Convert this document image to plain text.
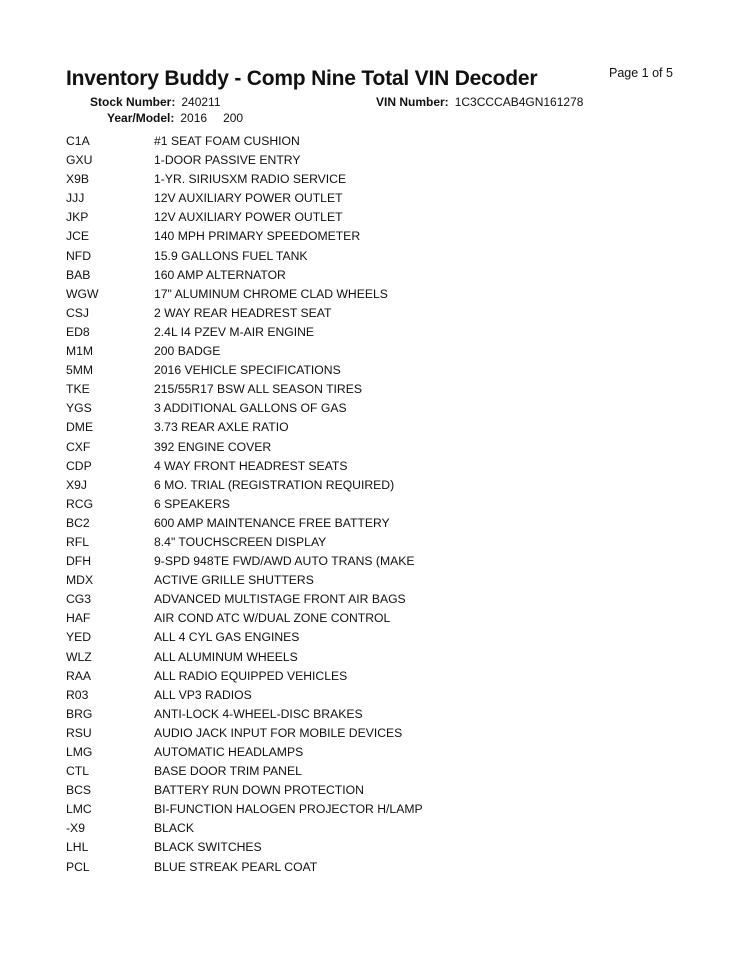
Page 1 of 5
Inventory Buddy - Comp Nine Total VIN Decoder
Stock Number: 240211	VIN Number: 1C3CCCAB4GN161278
Year/Model: 2016 200
C1A	#1 SEAT FOAM CUSHION
GXU	1-DOOR PASSIVE ENTRY
X9B	1-YR. SIRIUSXM RADIO SERVICE
JJJ	12V AUXILIARY POWER OUTLET
JKP	12V AUXILIARY POWER OUTLET
JCE	140 MPH PRIMARY SPEEDOMETER
NFD	15.9 GALLONS FUEL TANK
BAB	160 AMP ALTERNATOR
WGW	17" ALUMINUM CHROME CLAD WHEELS
CSJ	2 WAY REAR HEADREST SEAT
ED8	2.4L I4 PZEV M-AIR ENGINE
M1M	200 BADGE
5MM	2016 VEHICLE SPECIFICATIONS
TKE	215/55R17 BSW ALL SEASON TIRES
YGS	3 ADDITIONAL GALLONS OF GAS
DME	3.73 REAR AXLE RATIO
CXF	392 ENGINE COVER
CDP	4 WAY FRONT HEADREST SEATS
X9J	6 MO. TRIAL (REGISTRATION REQUIRED)
RCG	6 SPEAKERS
BC2	600 AMP MAINTENANCE FREE BATTERY
RFL	8.4" TOUCHSCREEN DISPLAY
DFH	9-SPD 948TE FWD/AWD AUTO TRANS (MAKE
MDX	ACTIVE GRILLE SHUTTERS
CG3	ADVANCED MULTISTAGE FRONT AIR BAGS
HAF	AIR COND ATC W/DUAL ZONE CONTROL
YED	ALL 4 CYL GAS ENGINES
WLZ	ALL ALUMINUM WHEELS
RAA	ALL RADIO EQUIPPED VEHICLES
R03	ALL VP3 RADIOS
BRG	ANTI-LOCK 4-WHEEL-DISC BRAKES
RSU	AUDIO JACK INPUT FOR MOBILE DEVICES
LMG	AUTOMATIC HEADLAMPS
CTL	BASE DOOR TRIM PANEL
BCS	BATTERY RUN DOWN PROTECTION
LMC	BI-FUNCTION HALOGEN PROJECTOR H/LAMP
-X9	BLACK
LHL	BLACK SWITCHES
PCL	BLUE STREAK PEARL COAT
